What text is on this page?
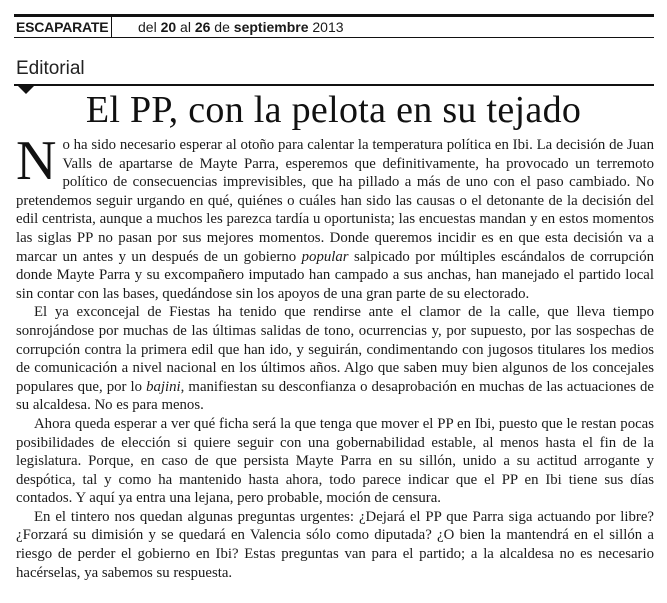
ESCAPARATE	del 20 al 26 de septiembre 2013
Editorial
El PP, con la pelota en su tejado

No ha sido necesario esperar al otoño para calentar la temperatura política en Ibi. La decisión de Juan Valls de apartarse de Mayte Parra, esperemos que definitivamente, ha provocado un terremoto político de consecuencias imprevisibles, que ha pillado a más de uno con el paso cambiado. No pretendemos seguir urgando en qué, quiénes o cuáles han sido las causas o el detonante de la decisión del edil centrista, aunque a muchos les parezca tardía u oportunista; las encuestas mandan y en estos momentos las siglas PP no pasan por sus mejores momentos. Donde queremos incidir es en que esta decisión va a marcar un antes y un después de un gobierno popular salpicado por múltiples escándalos de corrupción donde Mayte Parra y su excompañero imputado han campado a sus anchas, han manejado el partido local sin contar con las bases, quedándose sin los apoyos de una gran parte de su electorado.

El ya exconcejal de Fiestas ha tenido que rendirse ante el clamor de la calle, que lleva tiempo sonrojándose por muchas de las últimas salidas de tono, ocurrencias y, por supuesto, por las sospechas de corrupción contra la primera edil que han ido, y seguirán, condimentando con jugosos titulares los medios de comunicación a nivel nacional en los últimos años. Algo que saben muy bien algunos de los concejales populares que, por lo bajini, manifiestan su desconfianza o desaprobación en muchas de las actuaciones de su alcaldesa. No es para menos.

Ahora queda esperar a ver qué ficha será la que tenga que mover el PP en Ibi, puesto que le restan pocas posibilidades de elección si quiere seguir con una gobernabilidad estable, al menos hasta el fin de la legislatura. Porque, en caso de que persista Mayte Parra en su sillón, unido a su actitud arrogante y despótica, tal y como ha mantenido hasta ahora, todo parece indicar que el PP en Ibi tiene sus días contados. Y aquí ya entra una lejana, pero probable, moción de censura.

En el tintero nos quedan algunas preguntas urgentes: ¿Dejará el PP que Parra siga actuando por libre? ¿Forzará su dimisión y se quedará en Valencia sólo como diputada? ¿O bien la mantendrá en el sillón a riesgo de perder el gobierno en Ibi? Estas preguntas van para el partido; a la alcaldesa no es necesario hacérselas, ya sabemos su respuesta.
